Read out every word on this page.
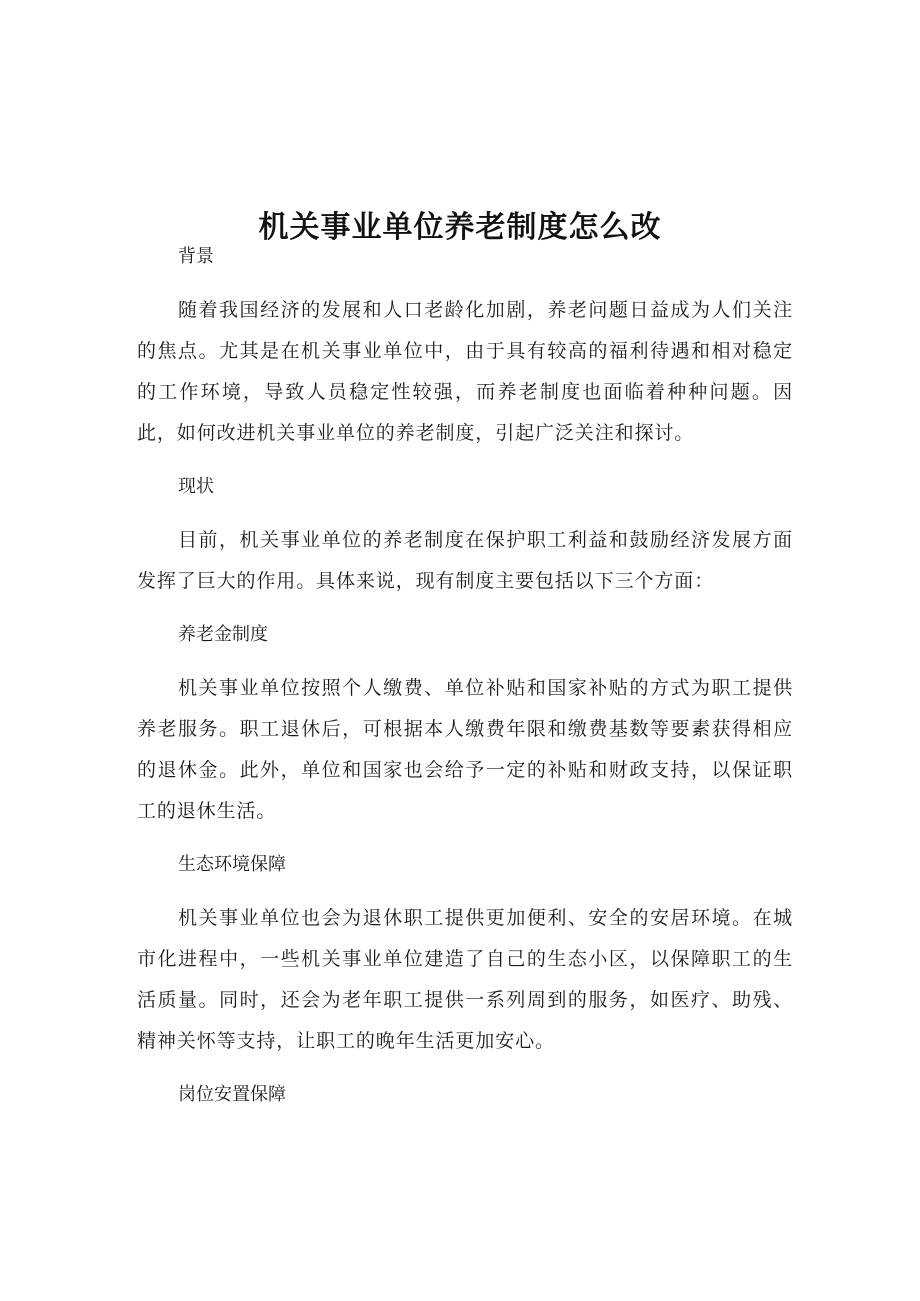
机关事业单位养老制度怎么改

背景

随着我国经济的发展和人口老龄化加剧，养老问题日益成为人们关注的焦点。尤其是在机关事业单位中，由于具有较高的福利待遇和相对稳定的工作环境，导致人员稳定性较强，而养老制度也面临着种种问题。因此，如何改进机关事业单位的养老制度，引起广泛关注和探讨。

现状

目前，机关事业单位的养老制度在保护职工利益和鼓励经济发展方面发挥了巨大的作用。具体来说，现有制度主要包括以下三个方面：

养老金制度

机关事业单位按照个人缴费、单位补贴和国家补贴的方式为职工提供养老服务。职工退休后，可根据本人缴费年限和缴费基数等要素获得相应的退休金。此外，单位和国家也会给予一定的补贴和财政支持，以保证职工的退休生活。

生态环境保障

机关事业单位也会为退休职工提供更加便利、安全的安居环境。在城市化进程中，一些机关事业单位建造了自己的生态小区，以保障职工的生活质量。同时，还会为老年职工提供一系列周到的服务，如医疗、助残、精神关怀等支持，让职工的晚年生活更加安心。

岗位安置保障
